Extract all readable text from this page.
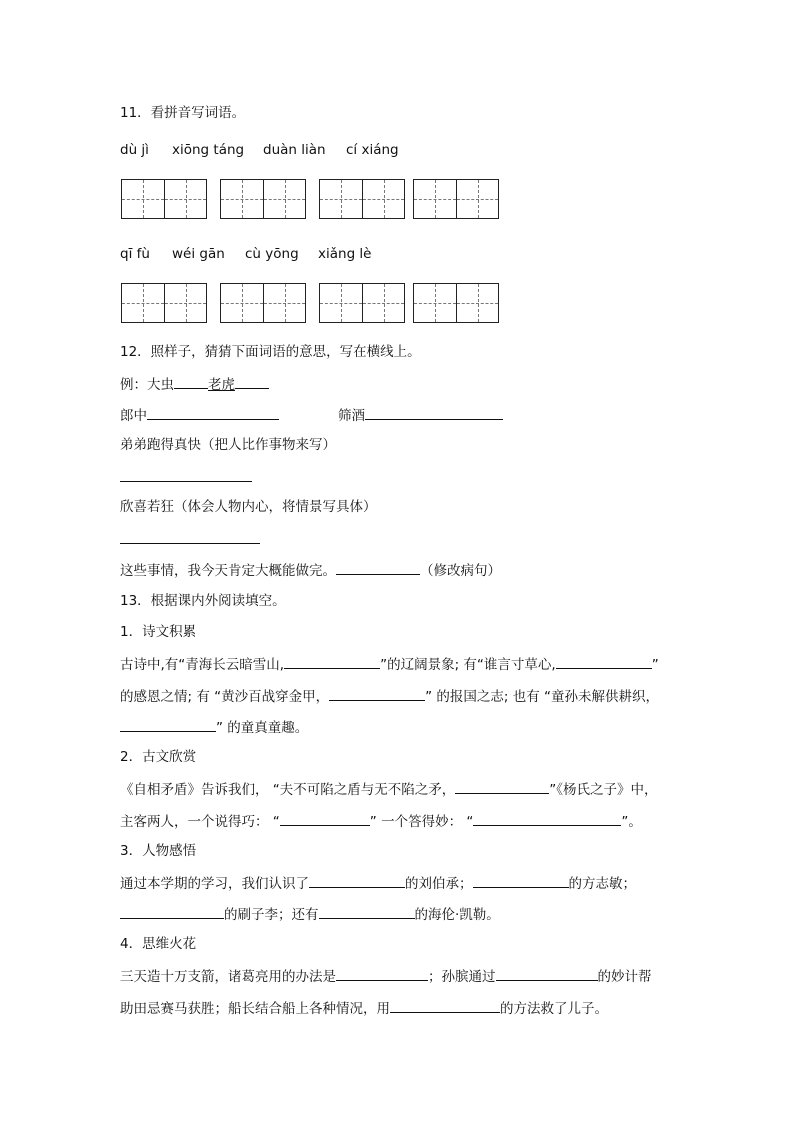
11．看拼音写词语。
dù jì xiōng táng duàn liàn cí xiáng
qī fù wéi gān cù yōng xiǎng lè
12．照样子，猜猜下面词语的意思，写在横线上。
例：大虫	老虎
郎中	筛酒
弟弟跑得真快（把人比作事物来写）
欣喜若狂（体会人物内心，将情景写具体）
这些事情，我今天肯定大概能做完。	（修改病句）
13．根据课内外阅读填空。
1．诗文积累
古诗中,有“青海长云暗雪山,	”的辽阔景象; 有“谁言寸草心,	”
的感恩之情; 有 “黄沙百战穿金甲，	” 的报国之志; 也有 “童孙未解供耕织，
” 的童真童趣。
2．古文欣赏
《自相矛盾》告诉我们， “夫不可陷之盾与无不陷之矛，	”《杨氏之子》中，
主客两人，一个说得巧： “	” 一个答得妙： “	”。
3．人物感悟
通过本学期的学习，我们认识了	的刘伯承；	的方志敏；
的刷子李；还有	的海伦·凯勒。
4．思维火花
三天造十万支箭，诸葛亮用的办法是	；孙膑通过	的妙计帮
助田忌赛马获胜；船长结合船上各种情况，用	的方法救了儿子。
